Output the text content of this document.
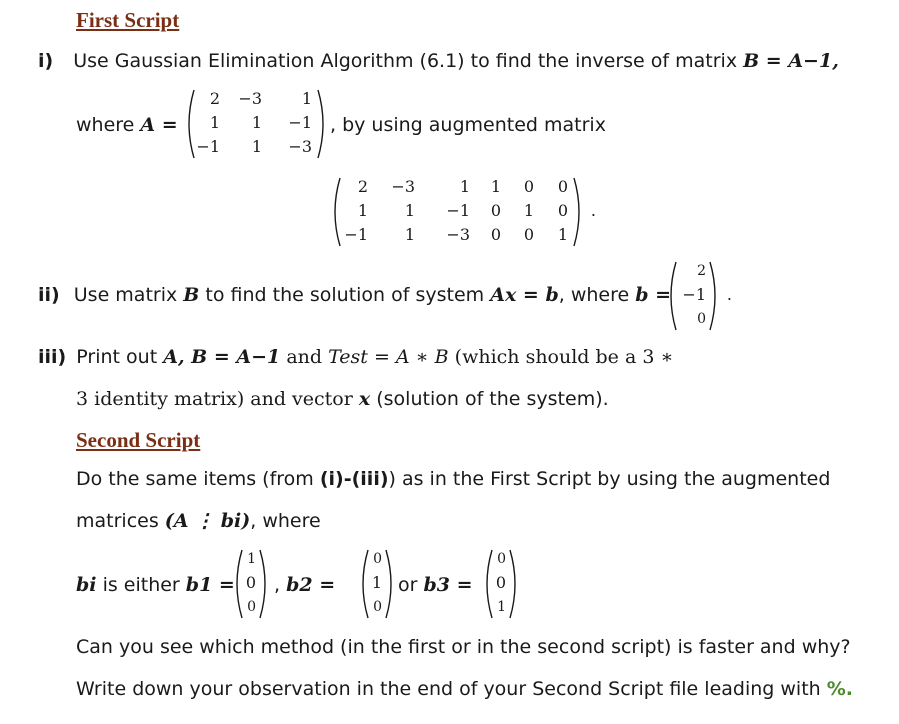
First Script
i) Use Gaussian Elimination Algorithm (6.1) to find the inverse of matrix B = A−1,
where A =
2	−3	1
1	1	−1
−1	1	−3
, by using augmented matrix
2	−3	1	1	0	0
1	1	−1	0	1	0
−1	1	−3	0	0	1
.
ii) Use matrix B to find the solution of system Ax = b, where b =
2
−1
0
.
iii) Print out A, B = A−1 and Test = A ∗ B (which should be a 3 ∗
3 identity matrix) and vector x (solution of the system).
Second Script
Do the same items (from (i)-(iii)) as in the First Script by using the augmented
matrices (A ⋮ bi), where
bi is either b1 =
1
0
0
, b2 =
0
1
0
or b3 =
0
0
1
Can you see which method (in the first or in the second script) is faster and why?
Write down your observation in the end of your Second Script file leading with %.
